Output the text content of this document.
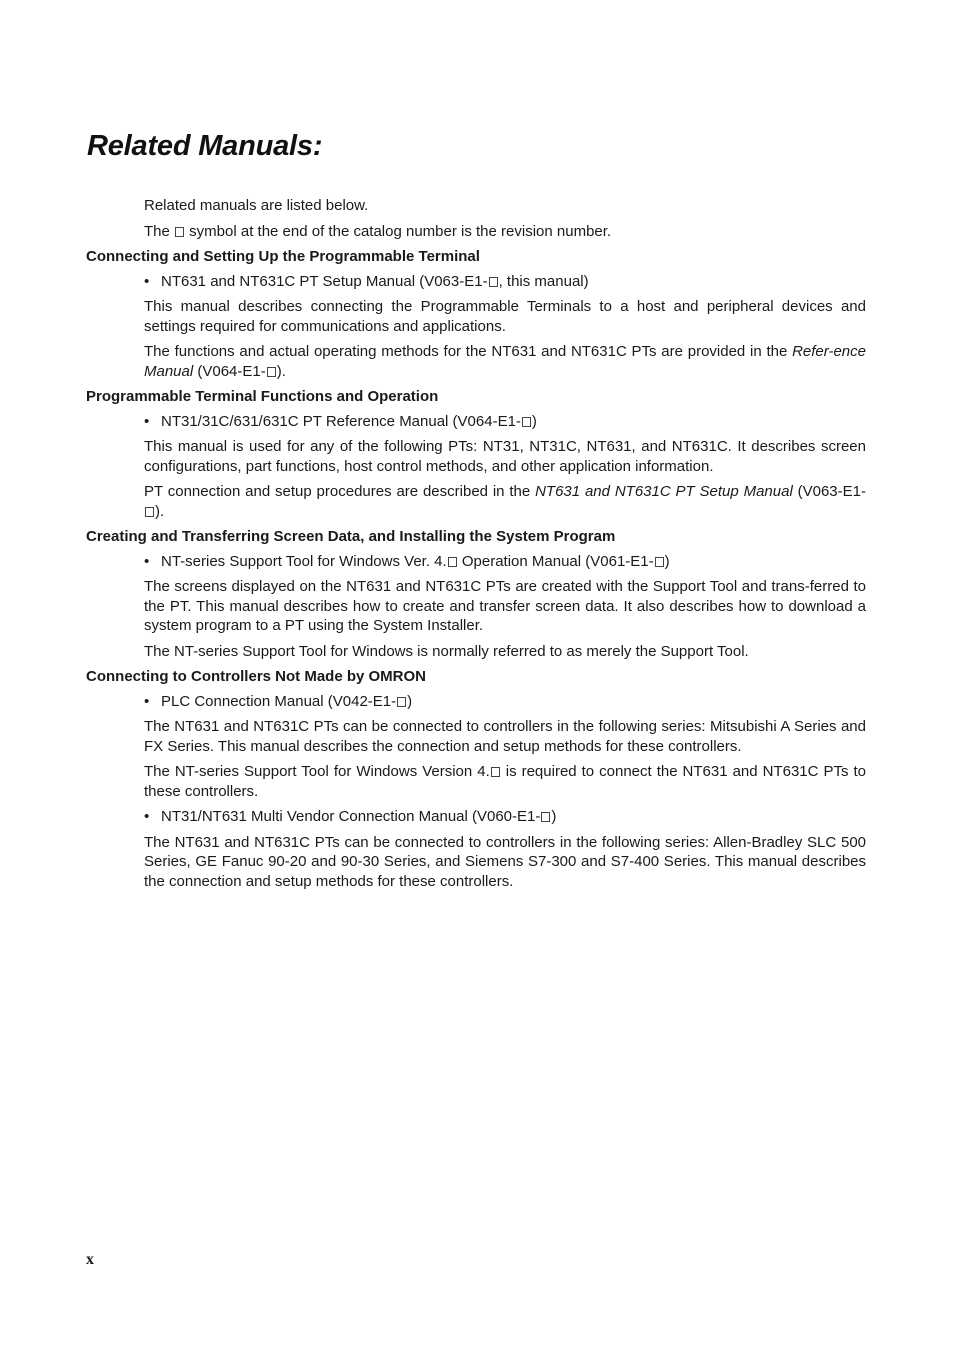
Related Manuals:

Related manuals are listed below.

The  symbol at the end of the catalog number is the revision number.

Connecting and Setting Up the Programmable Terminal
• NT631 and NT631C PT Setup Manual (V063-E1- , this manual)

This manual describes connecting the Programmable Terminals to a host and peripheral devices and settings required for communications and applications.

The functions and actual operating methods for the NT631 and NT631C PTs are provided in the Refer-ence Manual (V064-E1- ).

Programmable Terminal Functions and Operation
• NT31/31C/631/631C PT Reference Manual (V064-E1- )

This manual is used for any of the following PTs: NT31, NT31C, NT631, and NT631C. It describes screen configurations, part functions, host control methods, and other application information.

PT connection and setup procedures are described in the NT631 and NT631C PT Setup Manual (V063-E1-).

Creating and Transferring Screen Data, and Installing the System Program
• NT-series Support Tool for Windows Ver. 4. Operation Manual (V061-E1- )

The screens displayed on the NT631 and NT631C PTs are created with the Support Tool and trans-ferred to the PT. This manual describes how to create and transfer screen data. It also describes how to download a system program to a PT using the System Installer.

The NT-series Support Tool for Windows is normally referred to as merely the Support Tool.

Connecting to Controllers Not Made by OMRON
• PLC Connection Manual (V042-E1- )

The NT631 and NT631C PTs can be connected to controllers in the following series: Mitsubishi A Series and FX Series. This manual describes the connection and setup methods for these controllers.

The NT-series Support Tool for Windows Version 4. is required to connect the NT631 and NT631C PTs to these controllers.

• NT31/NT631 Multi Vendor Connection Manual (V060-E1- )

The NT631 and NT631C PTs can be connected to controllers in the following series: Allen-Bradley SLC 500 Series, GE Fanuc 90-20 and 90-30 Series, and Siemens S7-300 and S7-400 Series. This manual describes the connection and setup methods for these controllers.

x
